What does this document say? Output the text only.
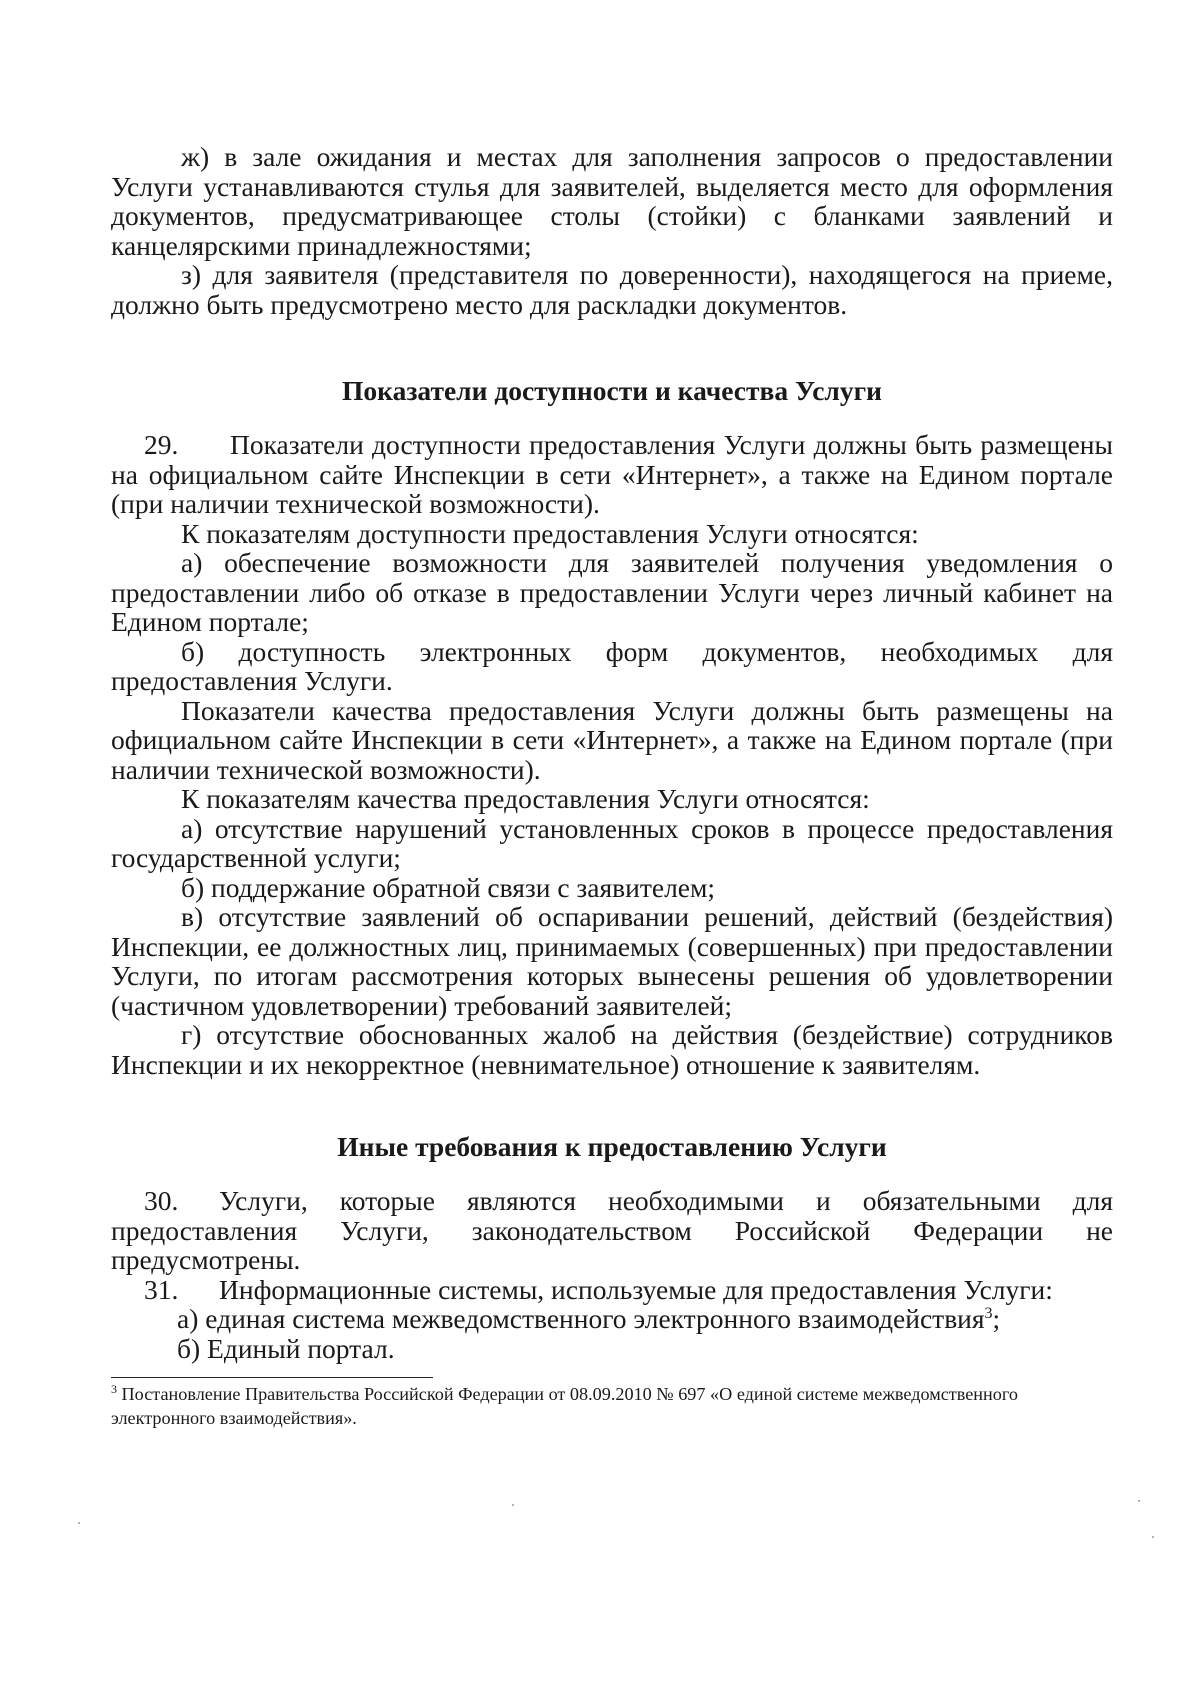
ж) в зале ожидания и местах для заполнения запросов о предоставлении Услуги устанавливаются стулья для заявителей, выделяется место для оформления документов, предусматривающее столы (стойки) с бланками заявлений и канцелярскими принадлежностями;

з) для заявителя (представителя по доверенности), находящегося на приеме, должно быть предусмотрено место для раскладки документов.

Показатели доступности и качества Услуги

29. Показатели доступности предоставления Услуги должны быть размещены на официальном сайте Инспекции в сети «Интернет», а также на Едином портале (при наличии технической возможности).

К показателям доступности предоставления Услуги относятся:

а) обеспечение возможности для заявителей получения уведомления о предоставлении либо об отказе в предоставлении Услуги через личный кабинет на Едином портале;

б) доступность электронных форм документов, необходимых для предоставления Услуги.

Показатели качества предоставления Услуги должны быть размещены на официальном сайте Инспекции в сети «Интернет», а также на Едином портале (при наличии технической возможности).

К показателям качества предоставления Услуги относятся:

а) отсутствие нарушений установленных сроков в процессе предоставления государственной услуги;

б) поддержание обратной связи с заявителем;

в) отсутствие заявлений об оспаривании решений, действий (бездействия) Инспекции, ее должностных лиц, принимаемых (совершенных) при предоставлении Услуги, по итогам рассмотрения которых вынесены решения об удовлетворении (частичном удовлетворении) требований заявителей;

г) отсутствие обоснованных жалоб на действия (бездействие) сотрудников Инспекции и их некорректное (невнимательное) отношение к заявителям.

Иные требования к предоставлению Услуги

30. Услуги, которые являются необходимыми и обязательными для предоставления Услуги, законодательством Российской Федерации не предусмотрены.

31. Информационные системы, используемые для предоставления Услуги:

а) единая система межведомственного электронного взаимодействия$^3$;

б) Единый портал.

$^3$ Постановление Правительства Российской Федерации от 08.09.2010 № 697 «О единой системе межведомственного электронного взаимодействия».
